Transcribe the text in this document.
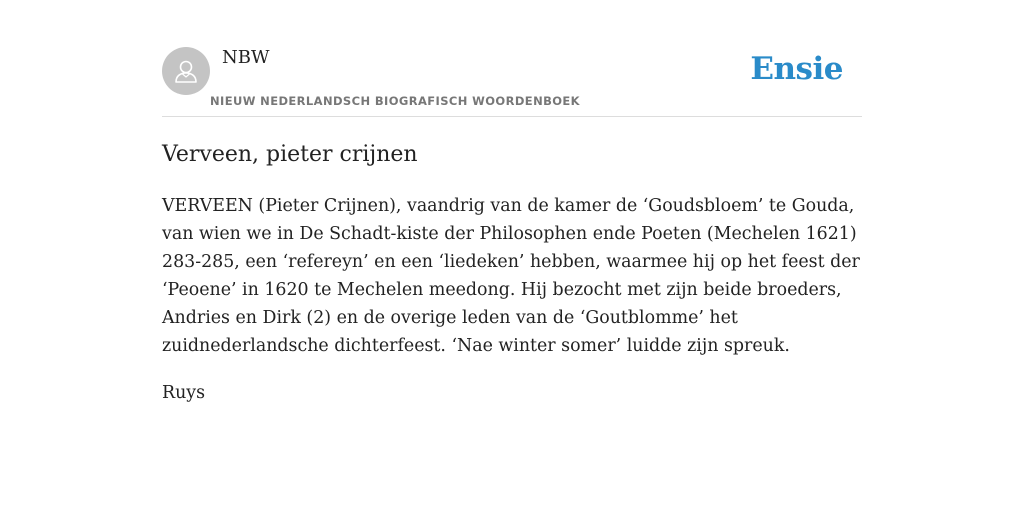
NBW
NIEUW NEDERLANDSCH BIOGRAFISCH WOORDENBOEK
Ensie
Verveen, pieter crijnen

VERVEEN (Pieter Crijnen), vaandrig van de kamer de ‘Goudsbloem’ te Gouda, van wien we in De Schadt-kiste der Philosophen ende Poeten (Mechelen 1621) 283-285, een ‘refereyn’ en een ‘liedeken’ hebben, waarmee hij op het feest der ‘Peoene’ in 1620 te Mechelen meedong. Hij bezocht met zijn beide broeders, Andries en Dirk (2) en de overige leden van de ‘Goutblomme’ het zuidnederlandsche dichterfeest. ‘Nae winter somer’ luidde zijn spreuk.

Ruys
